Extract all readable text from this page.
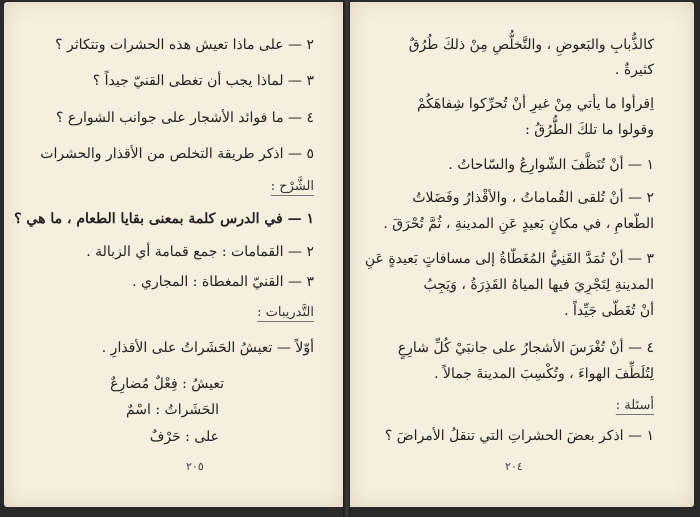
٢ — على ماذا تعيش هذه الحشرات وتتكاثر ؟
٣ — لماذا يجب أن تغطى القنيّ جيداً ؟
٤ — ما فوائد الأشجار على جوانب الشوارع ؟
٥ — اذكر طريقة التخلص من الأقذار والحشرات
الشَّرْح :
١ — في الدرس كلمة بمعنى بقايا الطعام ، ما هي ؟
٢ — القمامات : جمع قمامة أي الزبالة .
٣ — القنيّ المغطاة : المجاري .
التَّدريبات :
أوّلاً — تعيشُ الحَشَراتُ على الأقذارِ .
تعيشُ : فِعْلٌ مُضارِعٌ
الحَشَراتُ : اسْمٌ
على : حَرْفٌ
٢٠٥
كالذُّبابِ والبَعوضِ ، والتَّخلُّصِ مِنْ ذلكَ طُرُقٌ
كثيرةٌ .
اِقرأوا ما يأتي مِنْ غيرِ أنْ تُحرِّكوا شِفاهَكُمْ
وقولوا ما تلكَ الطُّرُقُ :
١ — أنْ تُنَظَّفَ الشّوارِعُ والسّاحاتُ .
٢ — أنْ تُلقى القُماماتُ ، والأقْذارُ وفَضَلاتُ
الطّعامِ ، في مكانٍ بَعيدٍ عَنِ المدينةِ ، ثُمَّ تُحْرَقَ .
٣ — أنْ تُمَدَّ القَنِيُّ المُغَطّاةُ إلى مسافاتٍ بَعيدةٍ عَنِ
المدينةِ لِتَجْرِيَ فيها المياهُ القَذِرَةُ ، وَيَجِبُ
أنْ تُغَطّى جَيِّداً .
٤ — أنْ تُغْرَسَ الأشجارُ على جانبَيْ كُلِّ شارِعٍ
لِتُلَطِّفَ الهواءَ ، وتُكْسِبَ المدينةَ جمالاً .
أسئلة :
١ — اذكر بعضَ الحشراتِ التي تنقلُ الأمراضَ ؟
٢٠٤
